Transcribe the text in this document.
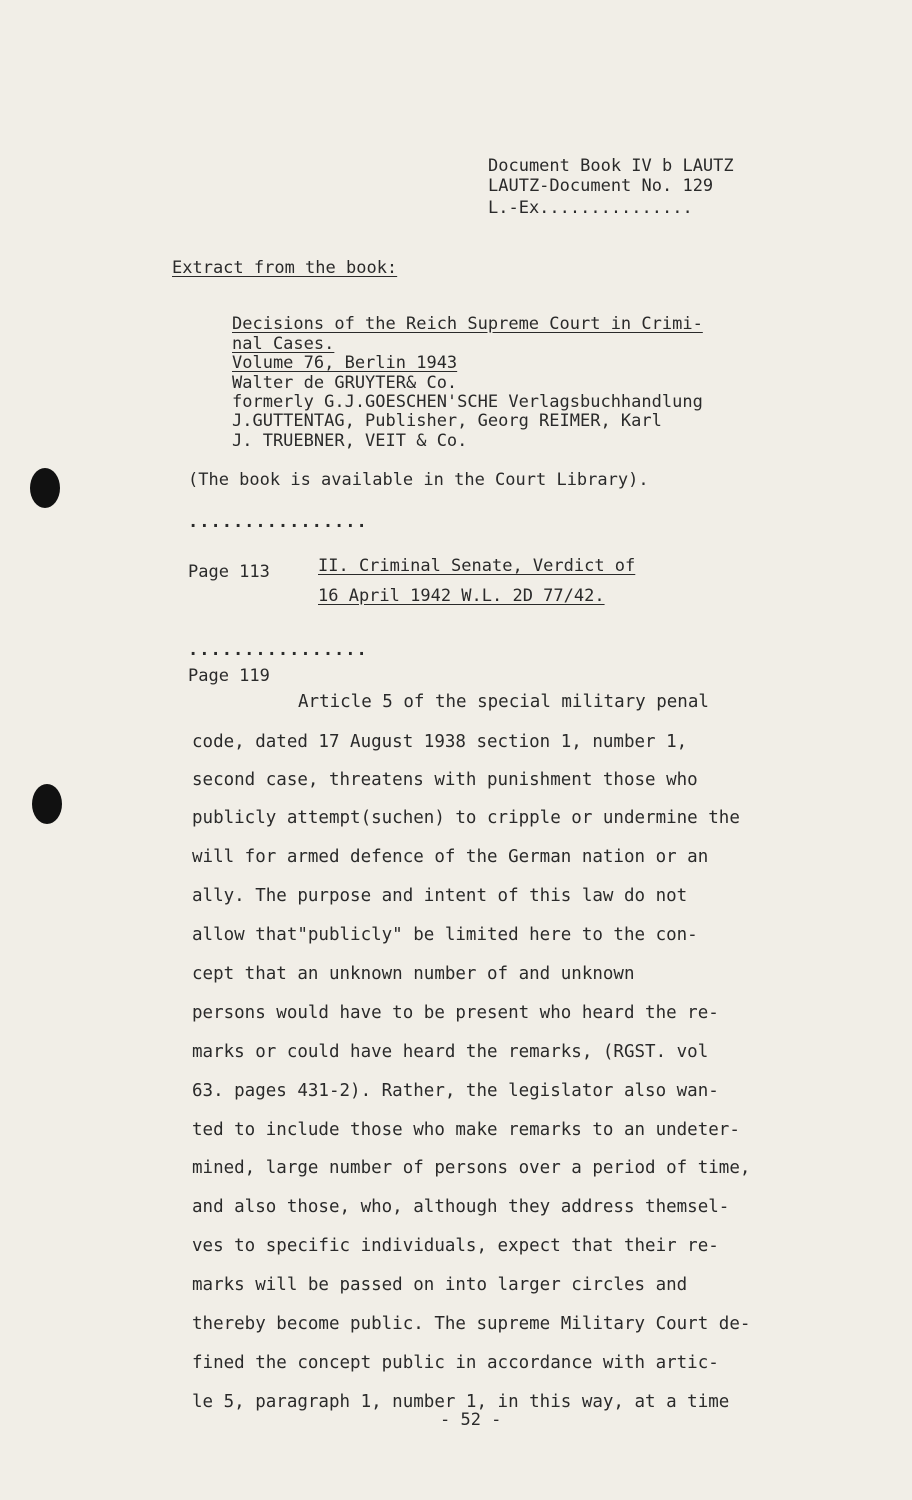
Document Book IV b LAUTZ
LAUTZ-Document No. 129
L.-Ex...............
Extract from the book:
Decisions of the Reich Supreme Court in Crimi-
nal Cases.
Volume 76, Berlin 1943
Walter de GRUYTER& Co.
formerly G.J.GOESCHEN'SCHE Verlagsbuchhandlung
J.GUTTENTAG, Publisher, Georg REIMER, Karl
J. TRUEBNER, VEIT & Co.
(The book is available in the Court Library).
................
Page 113	II. Criminal Senate, Verdict of
16 April 1942 W.L. 2D 77/42.
................
Page 119
Article 5 of the special military penal
code, dated 17 August 1938 section 1, number 1,
second case, threatens with punishment those who
publicly attempt(suchen) to cripple or undermine the
will for armed defence of the German nation or an
ally. The purpose and intent of this law do not
allow that"publicly" be limited here to the con-
cept that an unknown number of and unknown
persons would have to be present who heard the re-
marks or could have heard the remarks, (RGST. vol
63. pages 431-2). Rather, the legislator also wan-
ted to include those who make remarks to an undeter-
mined, large number of persons over a period of time,
and also those, who, although they address themsel-
ves to specific individuals, expect that their re-
marks will be passed on into larger circles and
thereby become public. The supreme Military Court de-
fined the concept public in accordance with artic-
le 5, paragraph 1, number 1, in this way, at a time
- 52 -
